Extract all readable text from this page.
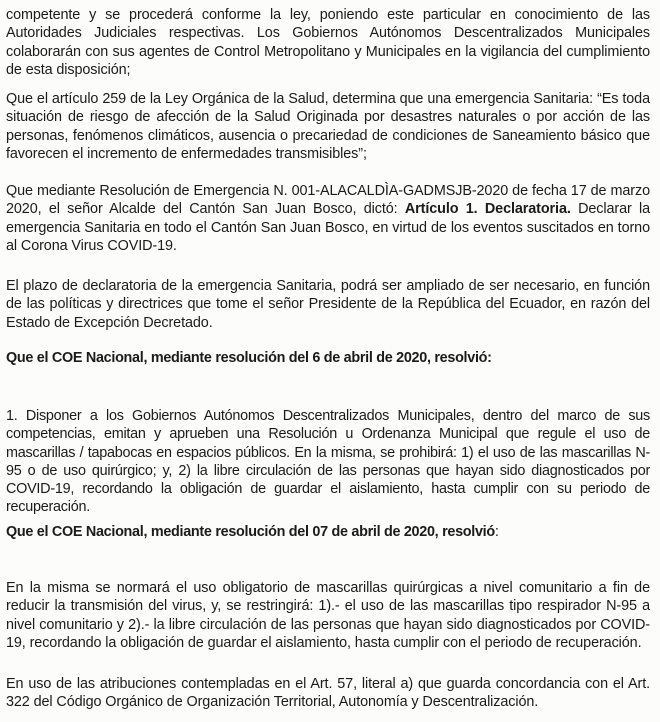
competente y se procederá conforme la ley, poniendo este particular en conocimiento de las Autoridades Judiciales respectivas. Los Gobiernos Autónomos Descentralizados Municipales colaborarán con sus agentes de Control Metropolitano y Municipales en la vigilancia del cumplimiento de esta disposición;

Que el artículo 259 de la Ley Orgánica de la Salud, determina que una emergencia Sanitaria: “Es toda situación de riesgo de afección de la Salud Originada por desastres naturales o por acción de las personas, fenómenos climáticos, ausencia o precariedad de condiciones de Saneamiento básico que favorecen el incremento de enfermedades transmisibles”;

Que mediante Resolución de Emergencia N. 001-ALACALDÌA-GADMSJB-2020 de fecha 17 de marzo 2020, el señor Alcalde del Cantón San Juan Bosco, dictó: Artículo 1. Declaratoria. Declarar la emergencia Sanitaria en todo el Cantón San Juan Bosco, en virtud de los eventos suscitados en torno al Corona Virus COVID-19.

El plazo de declaratoria de la emergencia Sanitaria, podrá ser ampliado de ser necesario, en función de las políticas y directrices que tome el señor Presidente de la República del Ecuador, en razón del Estado de Excepción Decretado.

Que el COE Nacional, mediante resolución del 6 de abril de 2020, resolvió:

1. Disponer a los Gobiernos Autónomos Descentralizados Municipales, dentro del marco de sus competencias, emitan y aprueben una Resolución u Ordenanza Municipal que regule el uso de mascarillas / tapabocas en espacios públicos. En la misma, se prohibirá: 1) el uso de las mascarillas N-95 o de uso quirúrgico; y, 2) la libre circulación de las personas que hayan sido diagnosticados por COVID-19, recordando la obligación de guardar el aislamiento, hasta cumplir con su periodo de recuperación.

Que el COE Nacional, mediante resolución del 07 de abril de 2020, resolvió:

En la misma se normará el uso obligatorio de mascarillas quirúrgicas a nivel comunitario a fin de reducir la transmisión del virus, y, se restringirá: 1).- el uso de las mascarillas tipo respirador N-95 a nivel comunitario y 2).- la libre circulación de las personas que hayan sido diagnosticados por COVID-19, recordando la obligación de guardar el aislamiento, hasta cumplir con el periodo de recuperación.

En uso de las atribuciones contempladas en el Art. 57, literal a) que guarda concordancia con el Art. 322 del Código Orgánico de Organización Territorial, Autonomía y Descentralización.
